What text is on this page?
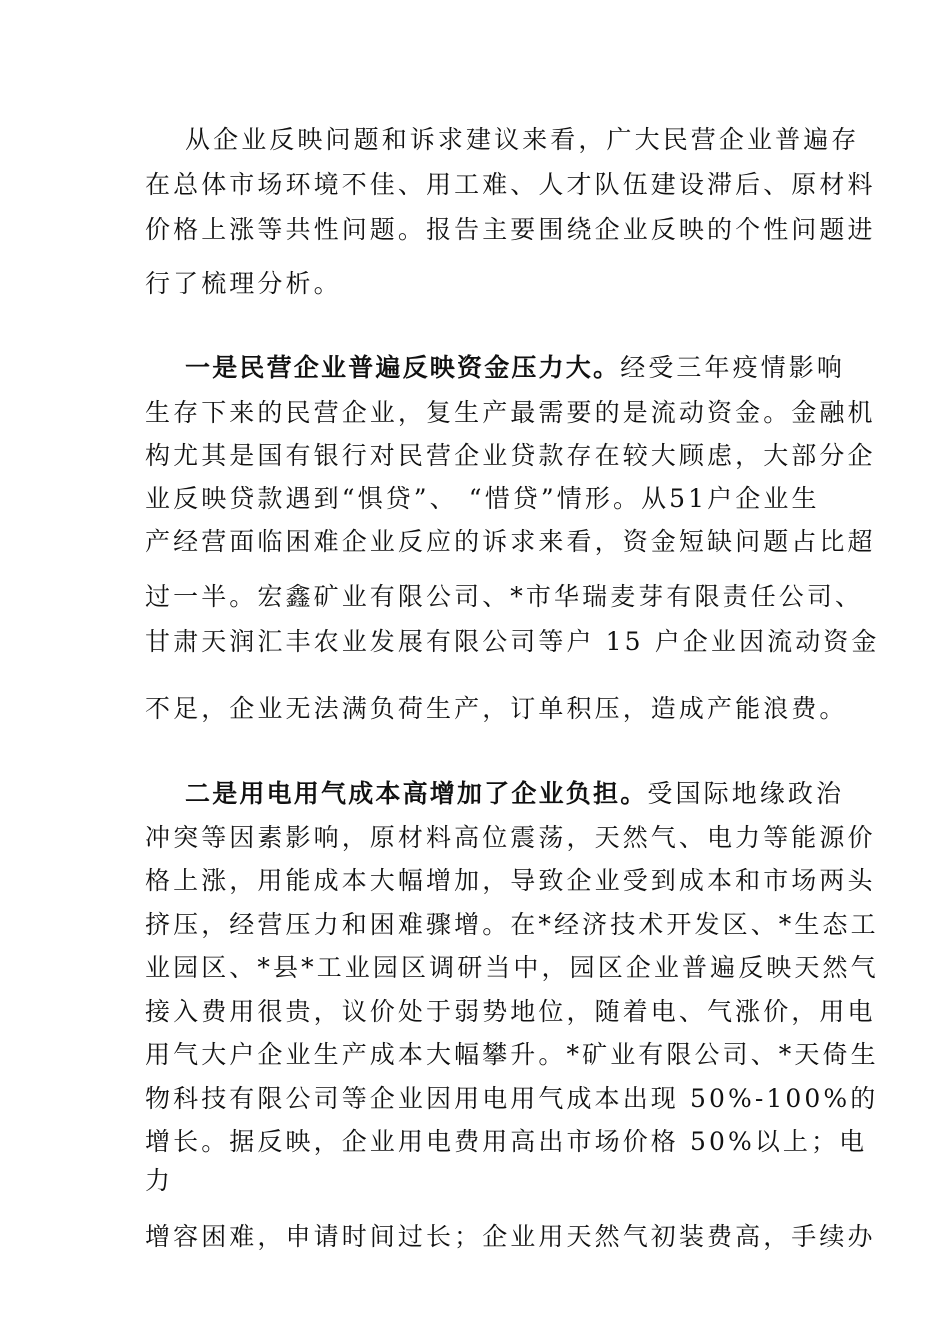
从企业反映问题和诉求建议来看，广大民营企业普遍存
在总体市场环境不佳、用工难、人才队伍建设滞后、原材料
价格上涨等共性问题。报告主要围绕企业反映的个性问题进
行了梳理分析。
一是民营企业普遍反映资金压力大。经受三年疫情影响
生存下来的民营企业，复生产最需要的是流动资金。金融机
构尤其是国有银行对民营企业贷款存在较大顾虑，大部分企
业反映贷款遇到“惧贷”、 “惜贷”情形。从51户企业生
产经营面临困难企业反应的诉求来看，资金短缺问题占比超
过一半。宏鑫矿业有限公司、*市华瑞麦芽有限责任公司、
甘肃天润汇丰农业发展有限公司等户 15 户企业因流动资金
不足，企业无法满负荷生产，订单积压，造成产能浪费。
二是用电用气成本高增加了企业负担。受国际地缘政治
冲突等因素影响，原材料高位震荡，天然气、电力等能源价
格上涨，用能成本大幅增加，导致企业受到成本和市场两头
挤压，经营压力和困难骤增。在*经济技术开发区、*生态工
业园区、*县*工业园区调研当中，园区企业普遍反映天然气
接入费用很贵，议价处于弱势地位，随着电、气涨价，用电
用气大户企业生产成本大幅攀升。*矿业有限公司、*天倚生
物科技有限公司等企业因用电用气成本出现 50%-100%的
增长。据反映，企业用电费用高出市场价格 50%以上；电
力
增容困难，申请时间过长；企业用天然气初装费高，手续办
